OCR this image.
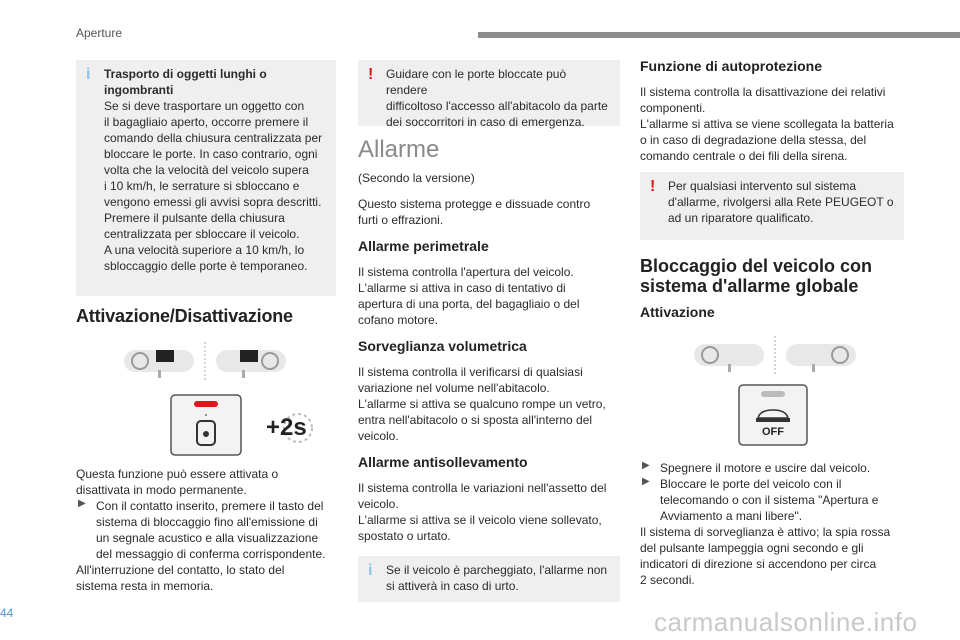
Aperture
i Trasporto di oggetti lunghi o ingombranti
Se si deve trasportare un oggetto con
il bagagliaio aperto, occorre premere il
comando della chiusura centralizzata per
bloccare le porte. In caso contrario, ogni
volta che la velocità del veicolo supera
i 10 km/h, le serrature si sbloccano e
vengono emessi gli avvisi sopra descritti.
Premere il pulsante della chiusura
centralizzata per sbloccare il veicolo.
A una velocità superiore a 10 km/h, lo
sbloccaggio delle porte è temporaneo.
Attivazione/Disattivazione
+2s
Questa funzione può essere attivata o
disattivata in modo permanente.
▶ Con il contatto inserito, premere il tasto del
sistema di bloccaggio fino all'emissione di
un segnale acustico e alla visualizzazione
del messaggio di conferma corrispondente.
All'interruzione del contatto, lo stato del
sistema resta in memoria.
! Guidare con le porte bloccate può rendere
difficoltoso l'accesso all'abitacolo da parte
dei soccorritori in caso di emergenza.
Allarme
(Secondo la versione)
Questo sistema protegge e dissuade contro
furti o effrazioni.
Allarme perimetrale
Il sistema controlla l'apertura del veicolo.
L'allarme si attiva in caso di tentativo di
apertura di una porta, del bagagliaio o del
cofano motore.
Sorveglianza volumetrica
Il sistema controlla il verificarsi di qualsiasi
variazione nel volume nell'abitacolo.
L'allarme si attiva se qualcuno rompe un vetro,
entra nell'abitacolo o si sposta all'interno del
veicolo.
Allarme antisollevamento
Il sistema controlla le variazioni nell'assetto del
veicolo.
L'allarme si attiva se il veicolo viene sollevato,
spostato o urtato.
i Se il veicolo è parcheggiato, l'allarme non
si attiverà in caso di urto.
Funzione di autoprotezione
Il sistema controlla la disattivazione dei relativi
componenti.
L'allarme si attiva se viene scollegata la batteria
o in caso di degradazione della stessa, del
comando centrale o dei fili della sirena.
! Per qualsiasi intervento sul sistema
d'allarme, rivolgersi alla Rete PEUGEOT o
ad un riparatore qualificato.
Bloccaggio del veicolo con
sistema d'allarme globale
Attivazione
OFF
▶ Spegnere il motore e uscire dal veicolo.
▶ Bloccare le porte del veicolo con il
telecomando o con il sistema "Apertura e
Avviamento a mani libere".
Il sistema di sorveglianza è attivo; la spia rossa
del pulsante lampeggia ogni secondo e gli
indicatori di direzione si accendono per circa
2 secondi.
44	carmanualsonline.info
